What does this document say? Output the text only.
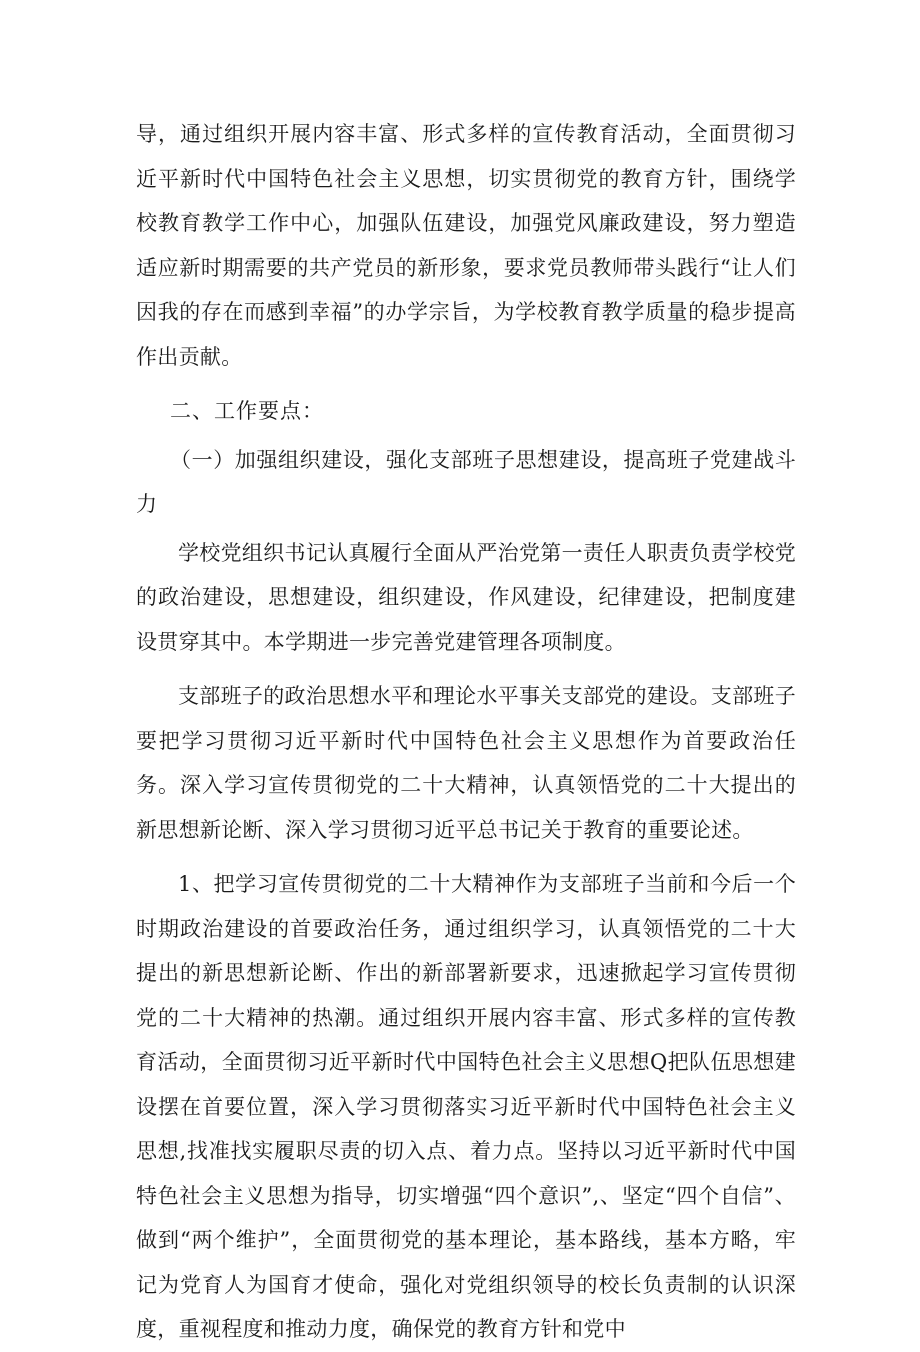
导，通过组织开展内容丰富、形式多样的宣传教育活动，全面贯彻习近平新时代中国特色社会主义思想，切实贯彻党的教育方针，围绕学校教育教学工作中心，加强队伍建设，加强党风廉政建设，努力塑造适应新时期需要的共产党员的新形象，要求党员教师带头践行“让人们因我的存在而感到幸福”的办学宗旨，为学校教育教学质量的稳步提高作出贡献。

二、工作要点：

（一）加强组织建设，强化支部班子思想建设，提高班子党建战斗力

学校党组织书记认真履行全面从严治党第一责任人职责负责学校党的政治建设，思想建设，组织建设，作风建设，纪律建设，把制度建设贯穿其中。本学期进一步完善党建管理各项制度。

支部班子的政治思想水平和理论水平事关支部党的建设。支部班子要把学习贯彻习近平新时代中国特色社会主义思想作为首要政治任务。深入学习宣传贯彻党的二十大精神，认真领悟党的二十大提出的新思想新论断、深入学习贯彻习近平总书记关于教育的重要论述。

1、把学习宣传贯彻党的二十大精神作为支部班子当前和今后一个时期政治建设的首要政治任务，通过组织学习，认真领悟党的二十大提出的新思想新论断、作出的新部署新要求，迅速掀起学习宣传贯彻党的二十大精神的热潮。通过组织开展内容丰富、形式多样的宣传教育活动，全面贯彻习近平新时代中国特色社会主义思想Q把队伍思想建设摆在首要位置，深入学习贯彻落实习近平新时代中国特色社会主义思想,找准找实履职尽责的切入点、着力点。坚持以习近平新时代中国特色社会主义思想为指导，切实增强“四个意识”,、坚定“四个自信”、做到“两个维护”，全面贯彻党的基本理论，基本路线，基本方略，牢记为党育人为国育才使命，强化对党组织领导的校长负责制的认识深度，重视程度和推动力度，确保党的教育方针和党中
